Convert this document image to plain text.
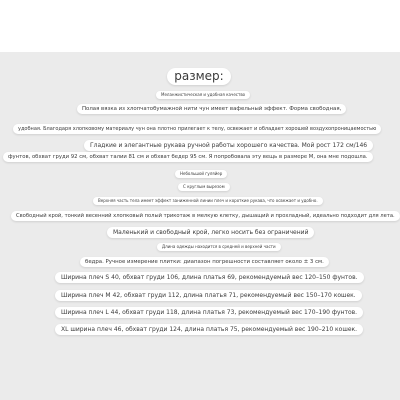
размер:
Меланжистическая и удобная качество
Полая вязка из хлопчатобумажной нити чун имеет вафельный эффект. Форма свободная,
удобная. Благодаря хлопковому материалу чун она плотно прилегает к телу, освежает и обладает хорошей воздухопроницаемостью
Гладкие и элегантные рукава ручной работы хорошего качества. Мой рост 172 см/146
фунтов, обхват груди 92 см, обхват талии 81 см и обхват бедер 95 см. Я попробовала эту вещь в размере М, она мне подошла.
Небольшой гуляйер
С круглым вырезом
Верхняя часть тела имеет эффект заниженной линии плеч и короткие рукава, что освежает и удобно.
Свободный крой, тонкий весенний хлопковый полый трикотаж в мелкую клетку, дышащий и прохладный, идеально подходит для лета.
Маленький и свободный крой, легко носить без ограничений
Длина одежды находится в средней и верхней части
бедра. Ручное измерение плитки: диапазон погрешности составляет около ± 3 см.
Ширина плеч S 40, обхват груди 106, длина платья 69, рекомендуемый вес 120–150 фунтов.
Ширина плеч М 42, обхват груди 112, длина платья 71, рекомендуемый вес 150–170 кошек.
Ширина плеч L 44, обхват груди 118, длина платья 73, рекомендуемый вес 170–190 фунтов.
XL ширина плеч 46, обхват груди 124, длина платья 75, рекомендуемый вес 190–210 кошек.
